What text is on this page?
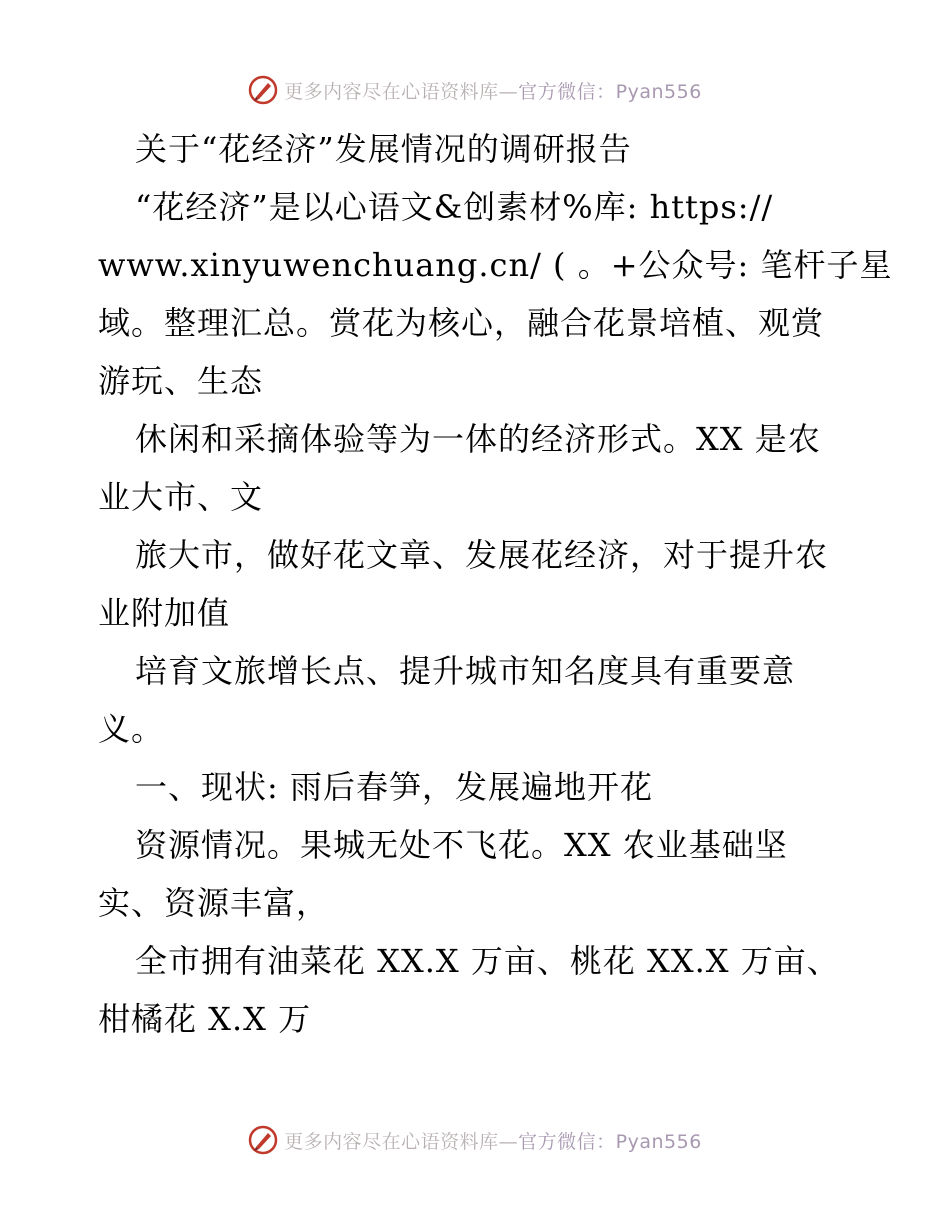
更多内容尽在心语资料库—官方微信：Pyan556
关于“花经济”发展情况的调研报告
“花经济”是以心语文&创素材%库: https://
www.xinyuwenchuang.cn/ ( 。+公众号: 笔杆子星
域。整理汇总。赏花为核心，融合花景培植、观赏
游玩、生态
休闲和采摘体验等为一体的经济形式。XX 是农
业大市、文
旅大市，做好花文章、发展花经济，对于提升农
业附加值
培育文旅增长点、提升城市知名度具有重要意
义。
一、现状: 雨后春笋，发展遍地开花
资源情况。果城无处不飞花。XX 农业基础坚
实、资源丰富，
全市拥有油菜花 XX.X 万亩、桃花 XX.X 万亩、
柑橘花 X.X 万
更多内容尽在心语资料库—官方微信：Pyan556
